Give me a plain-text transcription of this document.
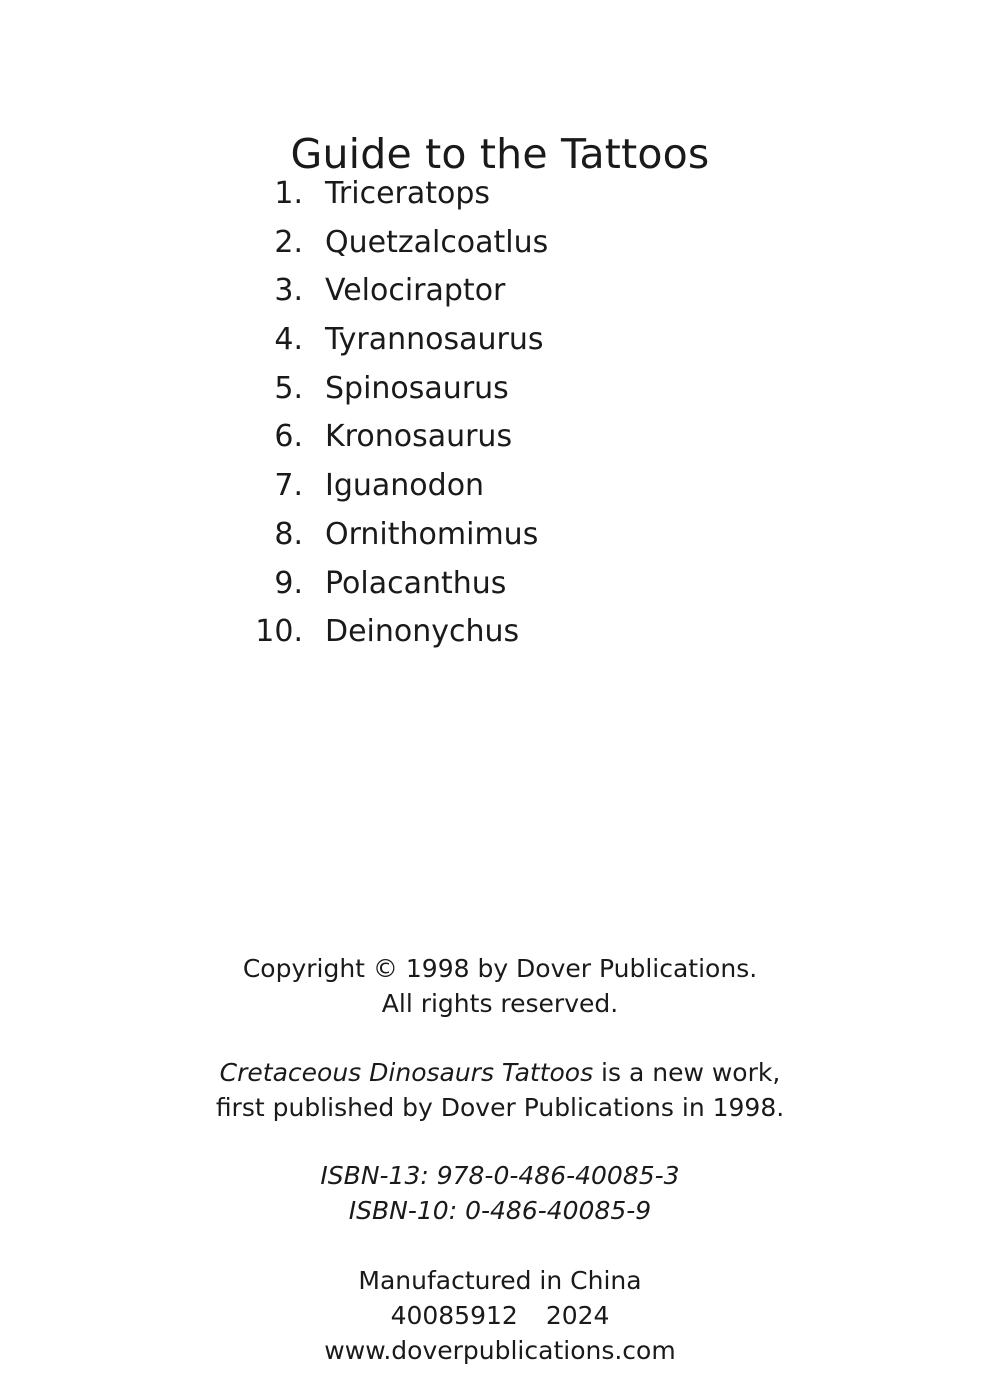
Guide to the Tattoos
1. Triceratops
2. Quetzalcoatlus
3. Velociraptor
4. Tyrannosaurus
5. Spinosaurus
6. Kronosaurus
7. Iguanodon
8. Ornithomimus
9. Polacanthus
10. Deinonychus
Copyright © 1998 by Dover Publications.
All rights reserved.
Cretaceous Dinosaurs Tattoos is a new work,
first published by Dover Publications in 1998.
ISBN-13: 978-0-486-40085-3
ISBN-10: 0-486-40085-9
Manufactured in China
40085912 2024
www.doverpublications.com
